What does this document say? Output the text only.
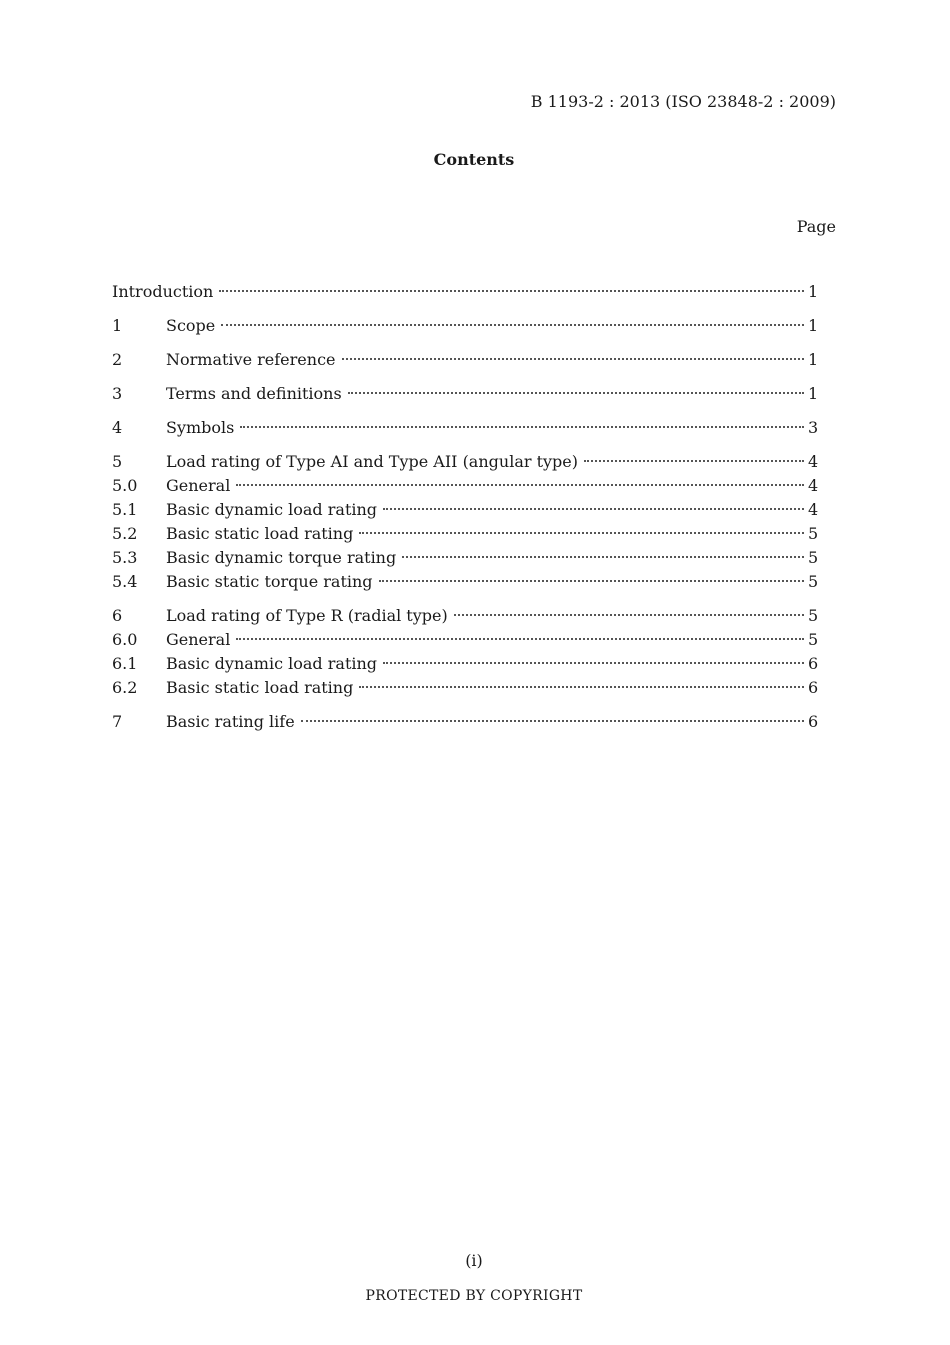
B 1193-2 : 2013 (ISO 23848-2 : 2009)
Contents
Page
Introduction	1
1	Scope	1
2	Normative reference	1
3	Terms and definitions	1
4	Symbols	3
5	Load rating of Type AI and Type AII (angular type)	4
5.0	General	4
5.1	Basic dynamic load rating	4
5.2	Basic static load rating	5
5.3	Basic dynamic torque rating	5
5.4	Basic static torque rating	5
6	Load rating of Type R (radial type)	5
6.0	General	5
6.1	Basic dynamic load rating	6
6.2	Basic static load rating	6
7	Basic rating life	6
(i)
PROTECTED BY COPYRIGHT
